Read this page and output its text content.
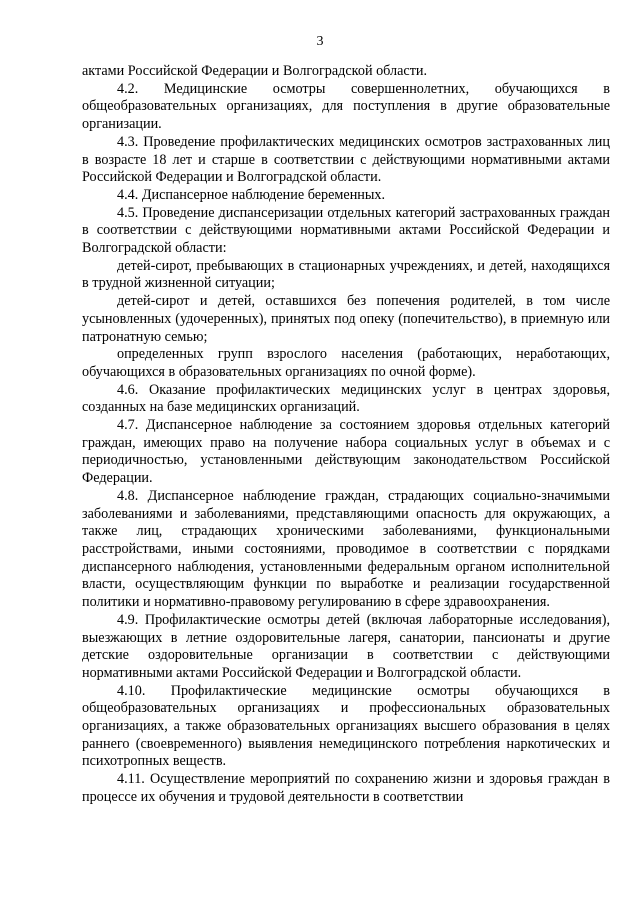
3

актами Российской Федерации и Волгоградской области.

4.2. Медицинские осмотры совершеннолетних, обучающихся в общеобразовательных организациях, для поступления в другие образовательные организации.

4.3. Проведение профилактических медицинских осмотров застрахованных лиц в возрасте 18 лет и старше в соответствии с действующими нормативными актами Российской Федерации и Волгоградской области.

4.4. Диспансерное наблюдение беременных.

4.5. Проведение диспансеризации отдельных категорий застрахованных граждан в соответствии с действующими нормативными актами Российской Федерации и Волгоградской области:

детей-сирот, пребывающих в стационарных учреждениях, и детей, находящихся в трудной жизненной ситуации;

детей-сирот и детей, оставшихся без попечения родителей, в том числе усыновленных (удочеренных), принятых под опеку (попечительство), в приемную или патронатную семью;

определенных групп взрослого населения (работающих, неработающих, обучающихся в образовательных организациях по очной форме).

4.6. Оказание профилактических медицинских услуг в центрах здоровья, созданных на базе медицинских организаций.

4.7. Диспансерное наблюдение за состоянием здоровья отдельных категорий граждан, имеющих право на получение набора социальных услуг в объемах и с периодичностью, установленными действующим законодательством Российской Федерации.

4.8. Диспансерное наблюдение граждан, страдающих социально-значимыми заболеваниями и заболеваниями, представляющими опасность для окружающих, а также лиц, страдающих хроническими заболеваниями, функциональными расстройствами, иными состояниями, проводимое в соответствии с порядками диспансерного наблюдения, установленными федеральным органом исполнительной власти, осуществляющим функции по выработке и реализации государственной политики и нормативно-правовому регулированию в сфере здравоохранения.

4.9. Профилактические осмотры детей (включая лабораторные исследования), выезжающих в летние оздоровительные лагеря, санатории, пансионаты и другие детские оздоровительные организации в соответствии с действующими нормативными актами Российской Федерации и Волгоградской области.

4.10. Профилактические медицинские осмотры обучающихся в общеобразовательных организациях и профессиональных образовательных организациях, а также образовательных организациях высшего образования в целях раннего (своевременного) выявления немедицинского потребления наркотических и психотропных веществ.

4.11. Осуществление мероприятий по сохранению жизни и здоровья граждан в процессе их обучения и трудовой деятельности в соответствии
